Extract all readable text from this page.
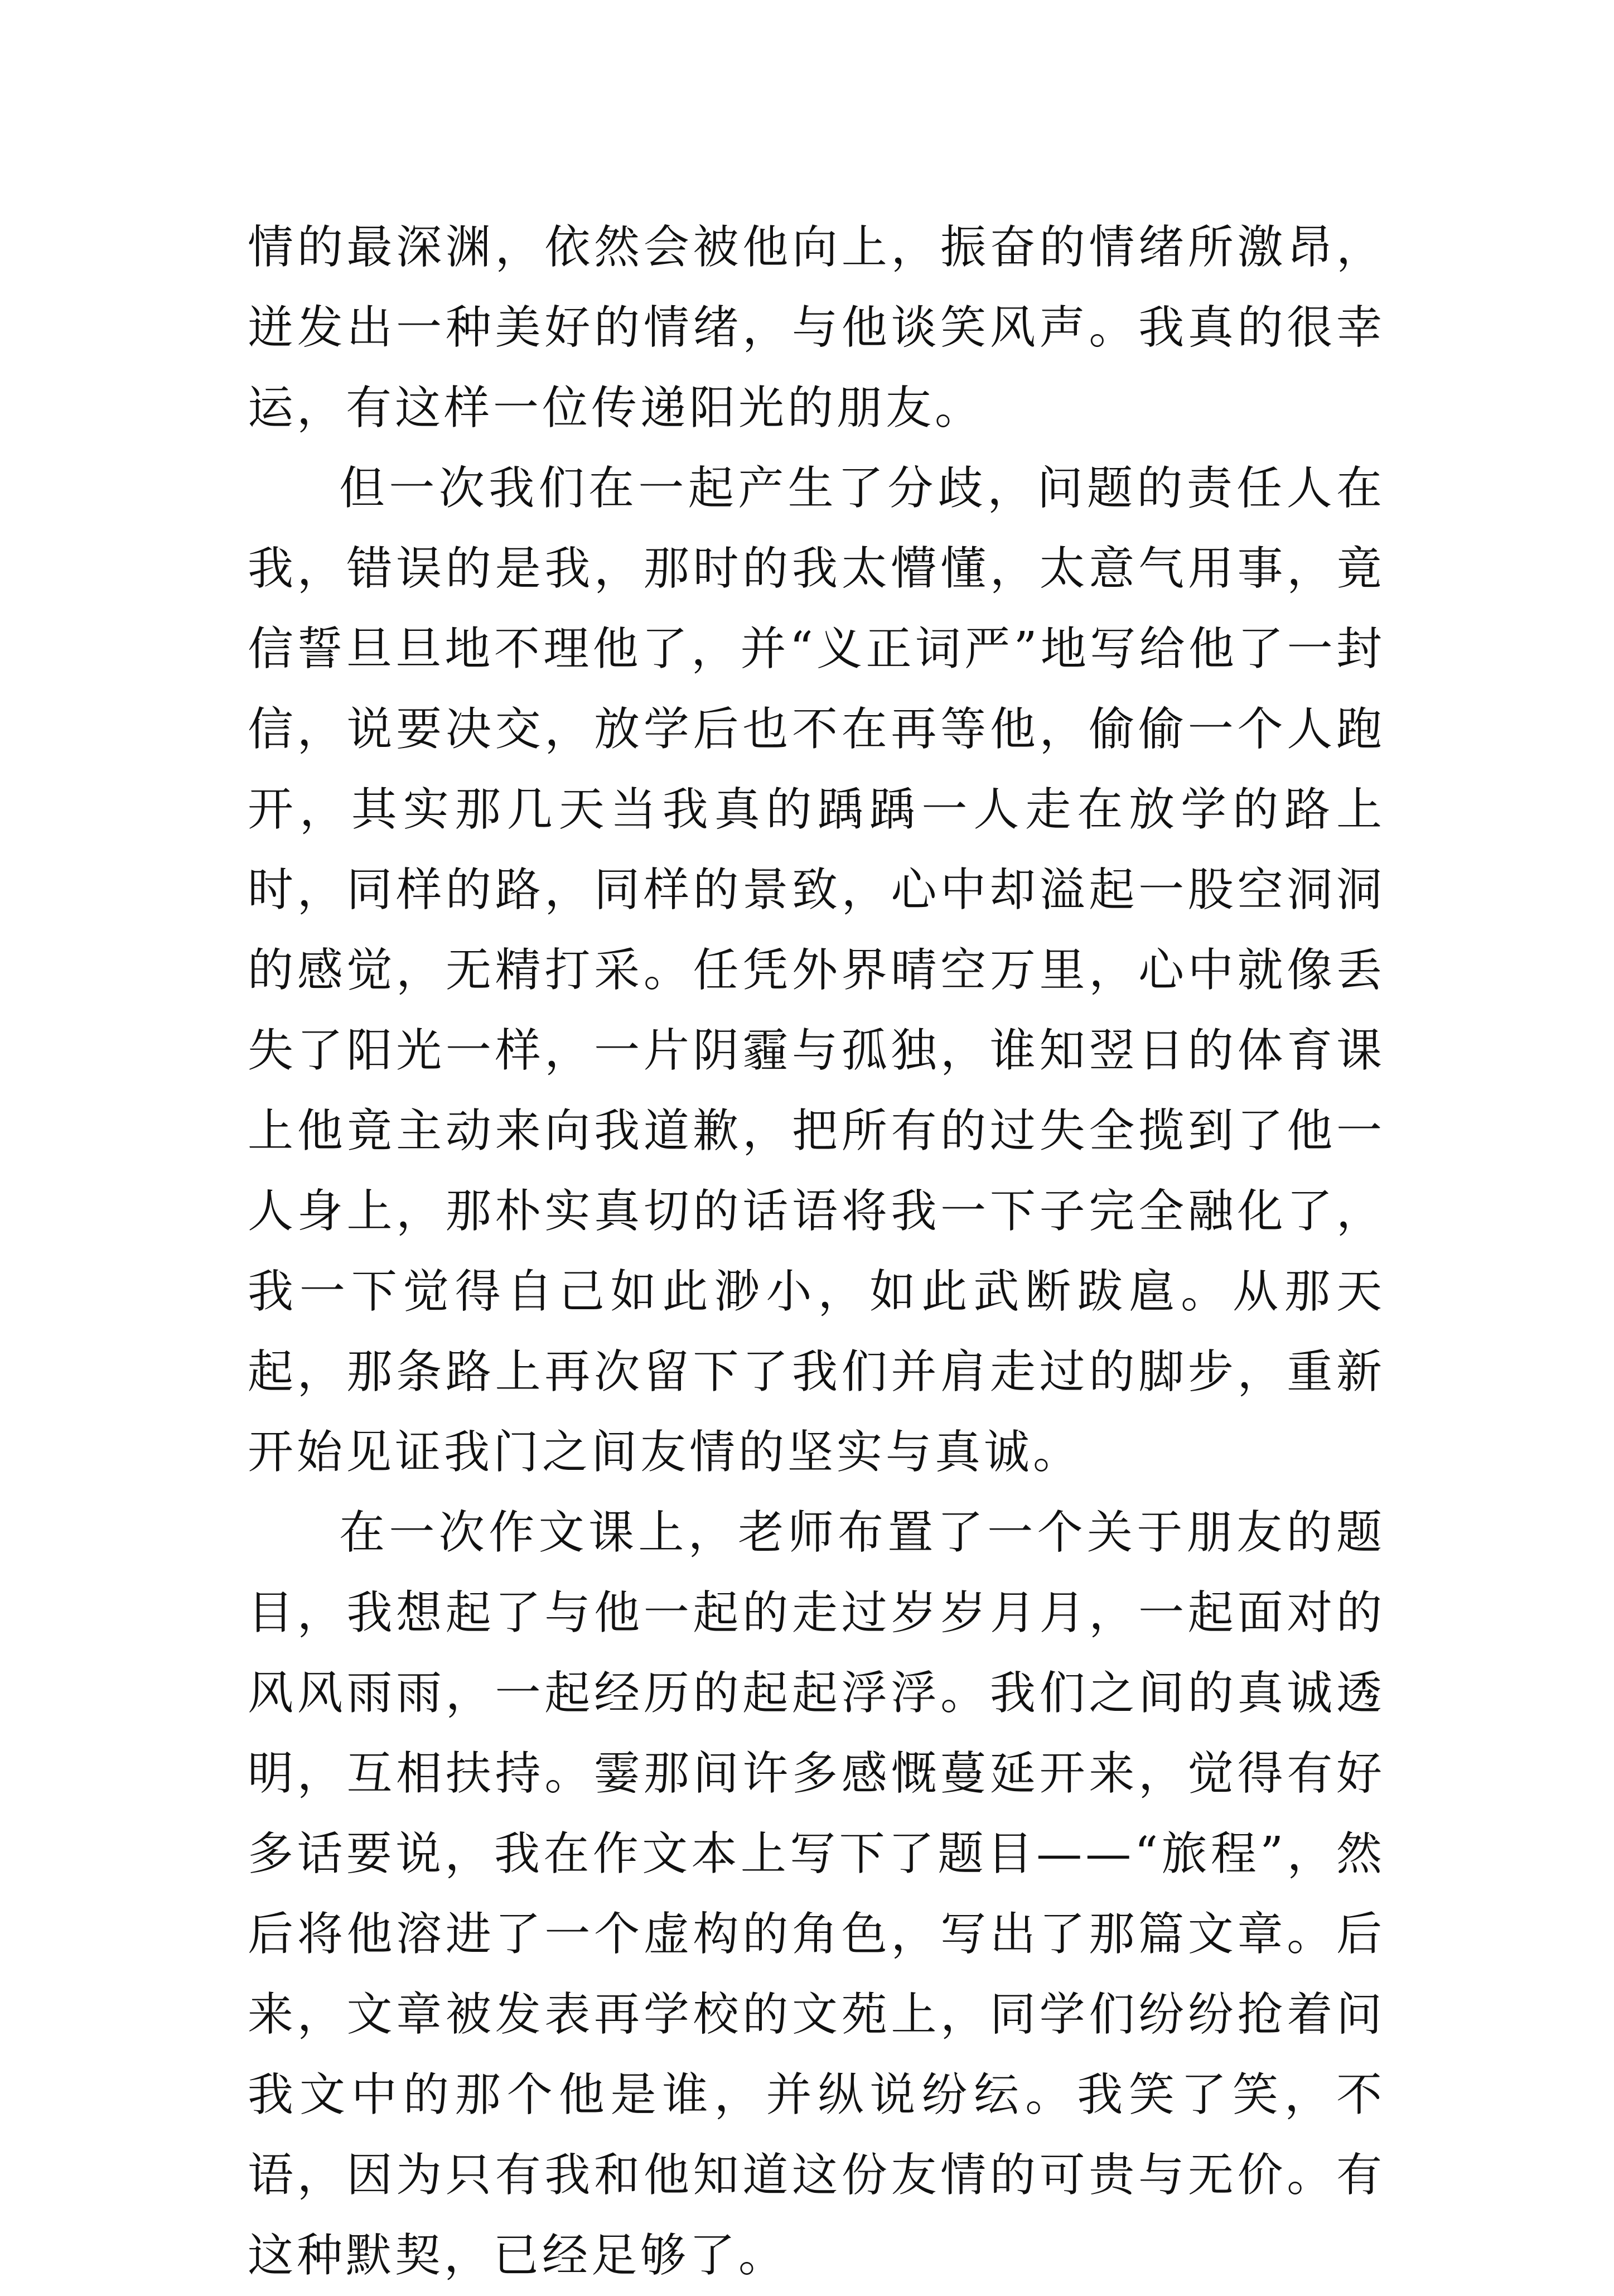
情的最深渊，依然会被他向上，振奋的情绪所激昂，迸发出一种美好的情绪，与他谈笑风声。我真的很幸运，有这样一位传递阳光的朋友。

但一次我们在一起产生了分歧，问题的责任人在我，错误的是我，那时的我太懵懂，太意气用事，竟信誓旦旦地不理他了，并“义正词严”地写给他了一封信，说要决交，放学后也不在再等他，偷偷一个人跑开，其实那几天当我真的踽踽一人走在放学的路上时，同样的路，同样的景致，心中却溢起一股空洞洞的感觉，无精打采。任凭外界晴空万里，心中就像丢失了阳光一样，一片阴霾与孤独，谁知翌日的体育课上他竟主动来向我道歉，把所有的过失全揽到了他一人身上，那朴实真切的话语将我一下子完全融化了，我一下觉得自己如此渺小，如此武断跋扈。从那天起，那条路上再次留下了我们并肩走过的脚步，重新开始见证我门之间友情的坚实与真诚。

在一次作文课上，老师布置了一个关于朋友的题目，我想起了与他一起的走过岁岁月月，一起面对的风风雨雨，一起经历的起起浮浮。我们之间的真诚透明，互相扶持。霎那间许多感慨蔓延开来，觉得有好多话要说，我在作文本上写下了题目——“旅程”，然后将他溶进了一个虚构的角色，写出了那篇文章。后来，文章被发表再学校的文苑上，同学们纷纷抢着问我文中的那个他是谁，并纵说纷纭。我笑了笑，不语，因为只有我和他知道这份友情的可贵与无价。有这种默契，已经足够了。
